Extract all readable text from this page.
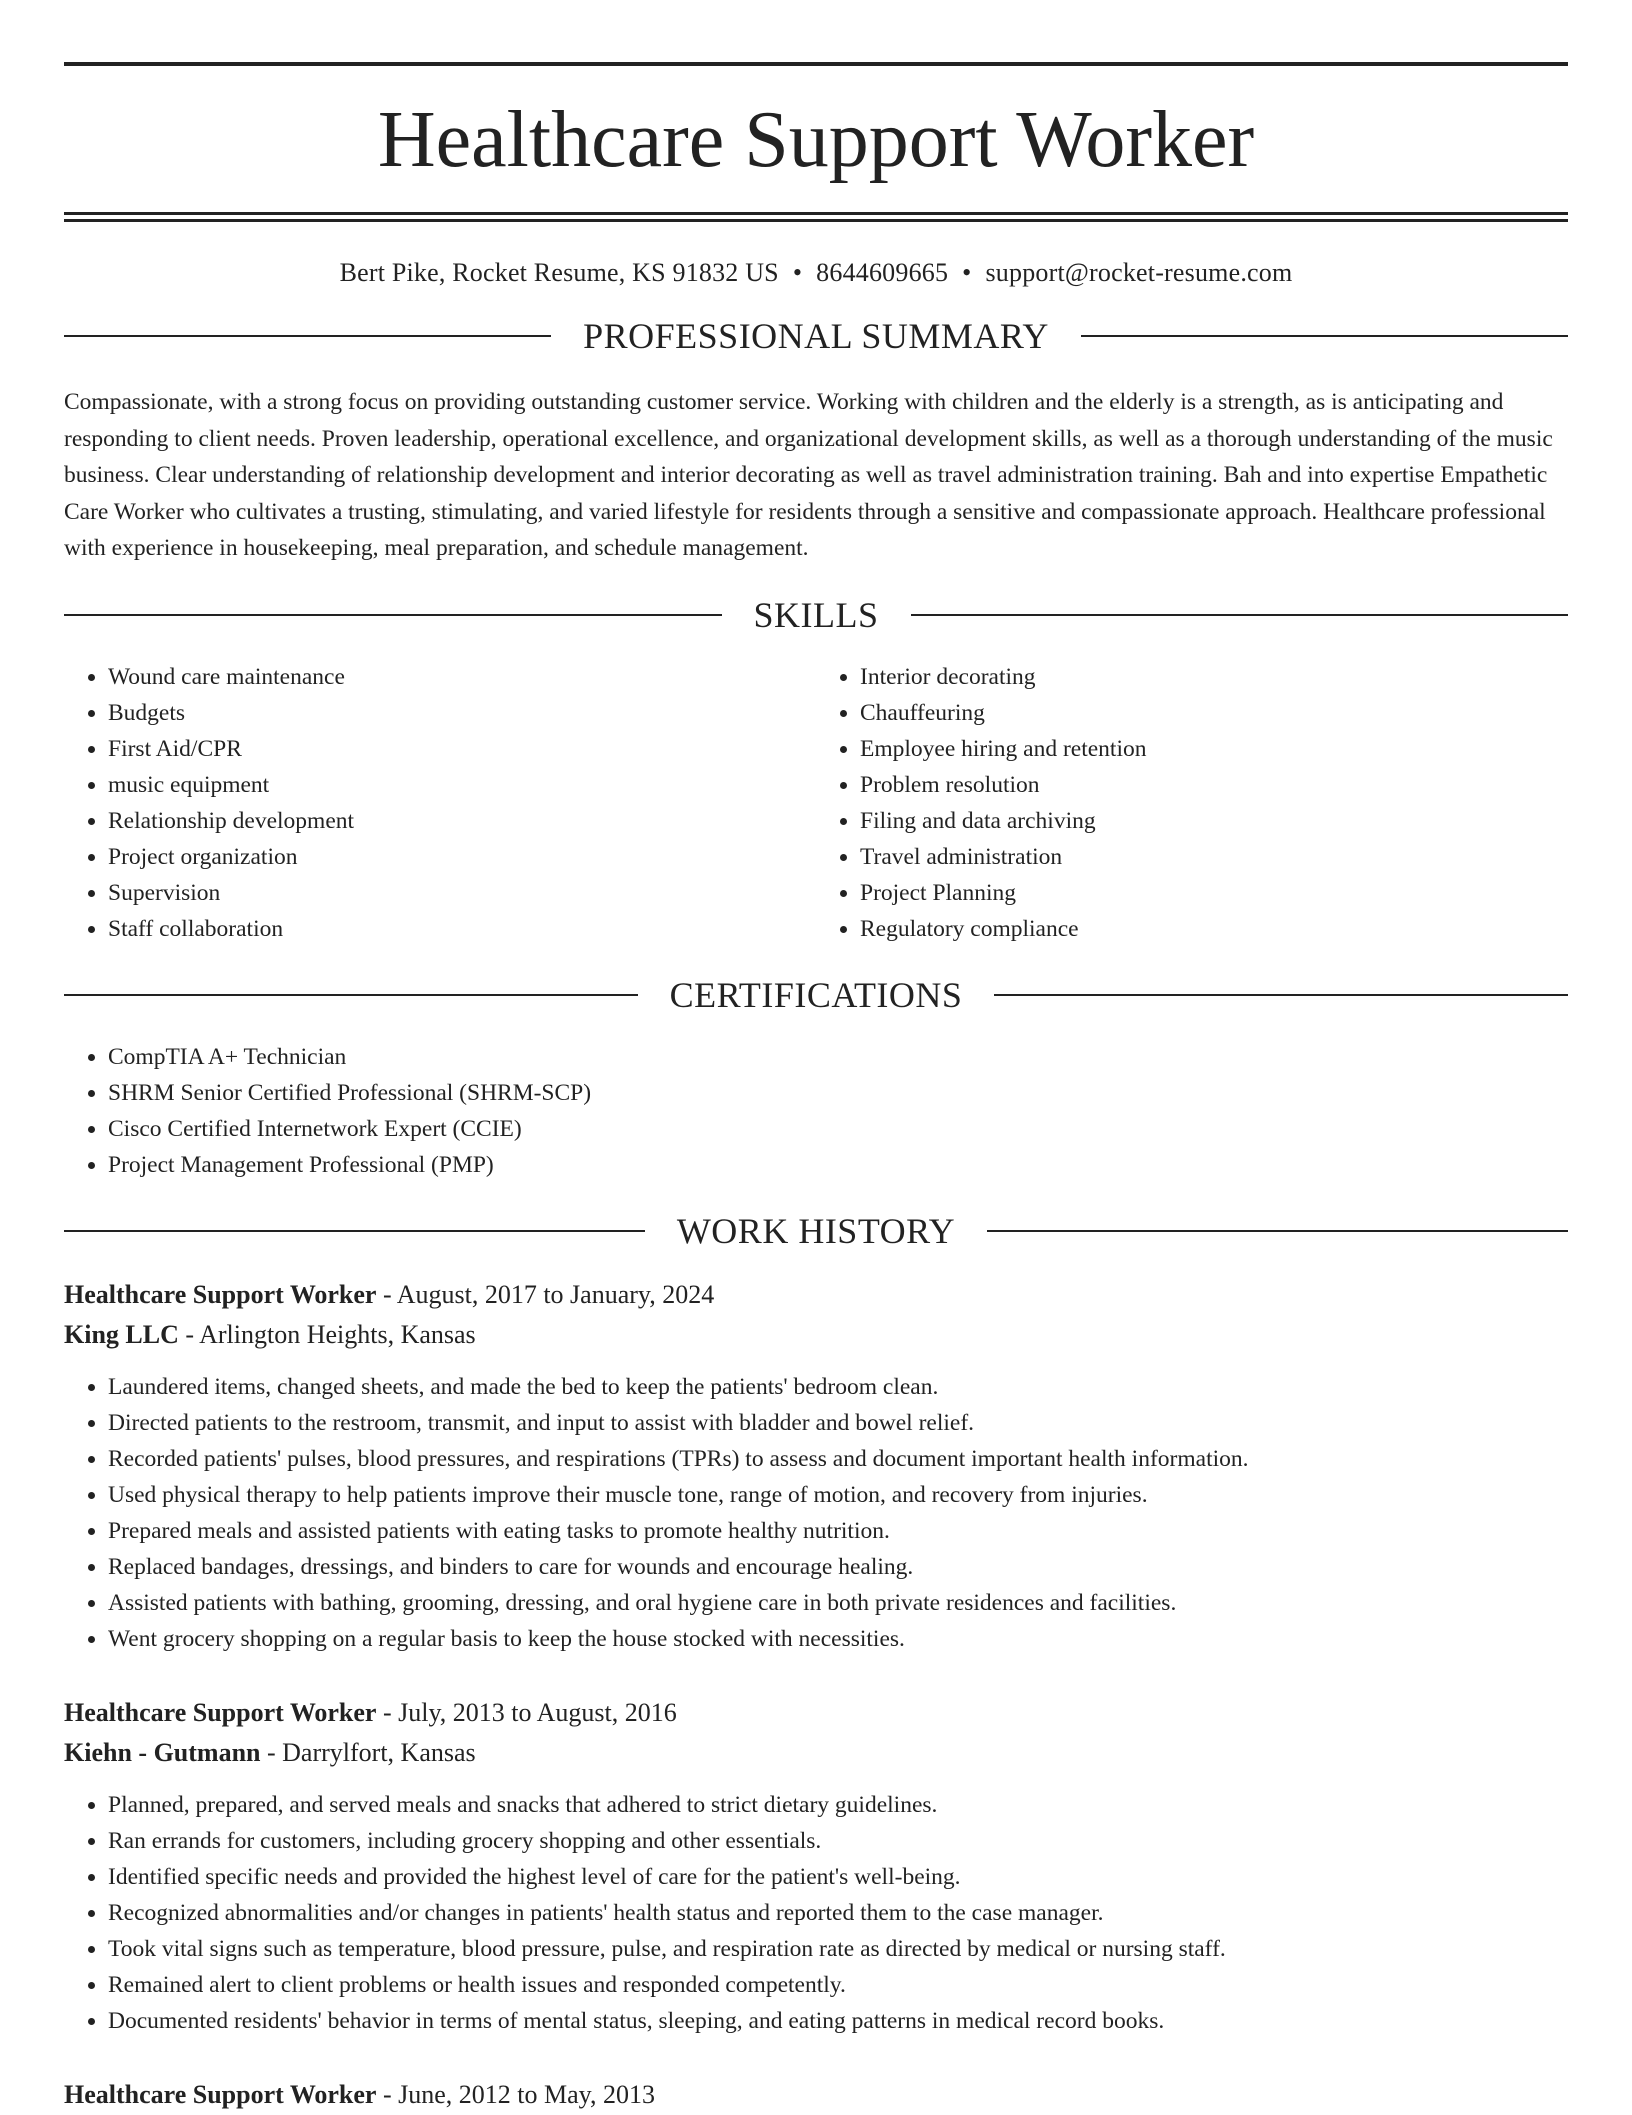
Healthcare Support Worker
Bert Pike, Rocket Resume, KS 91832 US • 8644609665 • support@rocket-resume.com
PROFESSIONAL SUMMARY
Compassionate, with a strong focus on providing outstanding customer service. Working with children and the elderly is a strength, as is anticipating and responding to client needs. Proven leadership, operational excellence, and organizational development skills, as well as a thorough understanding of the music business. Clear understanding of relationship development and interior decorating as well as travel administration training. Bah and into expertise Empathetic Care Worker who cultivates a trusting, stimulating, and varied lifestyle for residents through a sensitive and compassionate approach. Healthcare professional with experience in housekeeping, meal preparation, and schedule management.
SKILLS
• Wound care maintenance
• Budgets
• First Aid/CPR
• music equipment
• Relationship development
• Project organization
• Supervision
• Staff collaboration
• Interior decorating
• Chauffeuring
• Employee hiring and retention
• Problem resolution
• Filing and data archiving
• Travel administration
• Project Planning
• Regulatory compliance
CERTIFICATIONS
• CompTIA A+ Technician
• SHRM Senior Certified Professional (SHRM-SCP)
• Cisco Certified Internetwork Expert (CCIE)
• Project Management Professional (PMP)
WORK HISTORY
Healthcare Support Worker - August, 2017 to January, 2024
King LLC - Arlington Heights, Kansas
• Laundered items, changed sheets, and made the bed to keep the patients' bedroom clean.
• Directed patients to the restroom, transmit, and input to assist with bladder and bowel relief.
• Recorded patients' pulses, blood pressures, and respirations (TPRs) to assess and document important health information.
• Used physical therapy to help patients improve their muscle tone, range of motion, and recovery from injuries.
• Prepared meals and assisted patients with eating tasks to promote healthy nutrition.
• Replaced bandages, dressings, and binders to care for wounds and encourage healing.
• Assisted patients with bathing, grooming, dressing, and oral hygiene care in both private residences and facilities.
• Went grocery shopping on a regular basis to keep the house stocked with necessities.
Healthcare Support Worker - July, 2013 to August, 2016
Kiehn - Gutmann - Darrylfort, Kansas
• Planned, prepared, and served meals and snacks that adhered to strict dietary guidelines.
• Ran errands for customers, including grocery shopping and other essentials.
• Identified specific needs and provided the highest level of care for the patient's well-being.
• Recognized abnormalities and/or changes in patients' health status and reported them to the case manager.
• Took vital signs such as temperature, blood pressure, pulse, and respiration rate as directed by medical or nursing staff.
• Remained alert to client problems or health issues and responded competently.
• Documented residents' behavior in terms of mental status, sleeping, and eating patterns in medical record books.
Healthcare Support Worker - June, 2012 to May, 2013
